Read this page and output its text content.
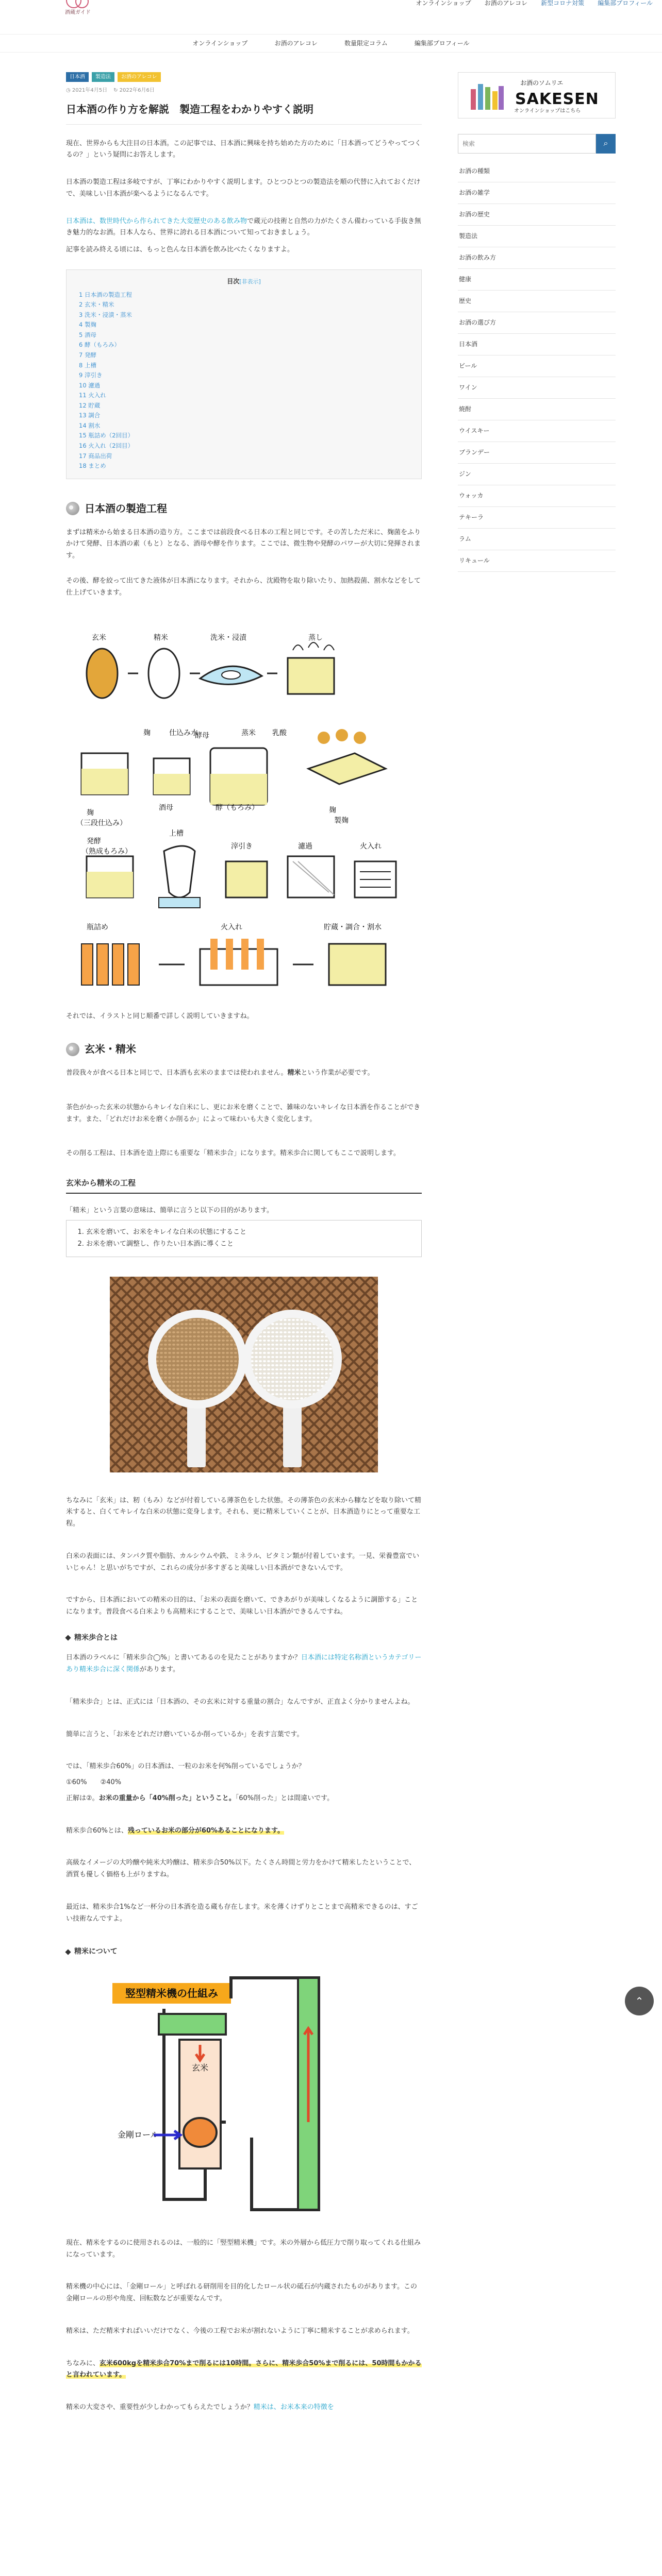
酒蔵ガイド
オンラインショップ お酒のアレコレ 新型コロナ対策 編集部プロフィール
オンラインショップ	お酒のアレコレ	数量限定コラム	編集部プロフィール
日本酒	製造法	お酒のアレコレ
◷ 2021年4月5日 ↻ 2022年6月6日
日本酒の作り方を解説　製造工程をわかりやすく説明

現在、世界からも大注目の日本酒。この記事では、日本酒に興味を持ち始めた方のために「日本酒ってどうやってつくるの？」という疑問にお答えします。

日本酒の製造工程は多岐ですが、丁寧にわかりやすく説明します。ひとつひとつの製造法を順の代替に入れておくだけで、美味しい日本酒が楽へるようになるんです。

日本酒は、数世時代から作られてきた大変歴史のある飲み物で蔵元の技術と自然の力がたくさん備わっている手抜き無き魅力的なお酒。日本人なら、世界に誇れる日本酒について知っておきましょう。

記事を読み終える頃には、もっと色んな日本酒を飲み比べたくなりますよ。

目次[非表示]
1 日本酒の製造工程
2 玄米・精米
3 洗米・浸漬・蒸米
4 製麹
5 酒母
6 酵（もろみ）
7 発酵
8 上槽
9 滓引き
10 濾過
11 火入れ
12 貯蔵
13 調合
14 割水
15 瓶詰め（2回目）
16 火入れ（2回目）
17 商品出荷
18 まとめ
日本酒の製造工程

まずは精米から始まる日本酒の造り方。ここまでは前段食べる日本の工程と同じです。その苦しただ米に、麹菌をふりかけて発酵、日本酒の素（もと）となる、酒母や酵を作ります。ここでは、微生物や発酵のパワーが大切に発揮されます。

その後、酵を絞って出てきた液体が日本酒になります。それから、沈殿物を取り除いたり、加熱殺菌、割水などをして仕上げていきます。

玄米	精米	洗米・浸漬	蒸し
麹
（三段仕込み）
酒母	酵（もろみ）
酵母
仕込み水
麹	蒸米 乳酸
麹
製麹
発酵
（熟成もろみ）
上槽
滓引き	濾過	火入れ
瓶詰め	火入れ	貯蔵・調合・割水

それでは、イラストと同じ順番で詳しく説明していきますね。

玄米・精米

普段我々が食べる日本と同じで、日本酒も玄米のままでは使われません。精米という作業が必要です。

茶色がかった玄米の状態からキレイな白米にし、更にお米を磨くことで、雑味のないキレイな日本酒を作ることができます。また、「どれだけお米を磨くか削るか」によって味わいも大きく変化します。

その削る工程は、日本酒を造上際にも重要な「精米歩合」になります。精米歩合に関してもここで説明します。

玄米から精米の工程

「精米」という言葉の意味は、簡単に言うと以下の目的があります。

1. 玄米を磨いて、お米をキレイな白米の状態にすること
2. お米を磨いて調整し、作りたい日本酒に導くこと

ちなみに「玄米」は、籾（もみ）などが付着している薄茶色をした状態。その薄茶色の玄米から糠などを取り除いて精米すると、白くてキレイな白米の状態に変身します。それも、更に精米していくことが、日本酒造りにとって重要な工程。

白米の表面には、タンパク質や脂肪、カルシウムや鉄、ミネラル、ビタミン類が付着しています。一見、栄養豊富でいいじゃん！と思いがちですが、これらの成分が多すぎると美味しい日本酒ができないんです。

ですから、日本酒においての精米の目的は、「お米の表面を磨いて、できあがりが美味しくなるように調節する」ことになります。普段食べる白米よりも高精米にすることで、美味しい日本酒ができるんですね。

精米歩合とは

日本酒のラベルに「精米歩合◯%」と書いてあるのを見たことがありますか？日本酒には特定名称酒というカテゴリーあり精米歩合に深く関係があります。

「精米歩合」とは、正式には「日本酒の、その玄米に対する重量の割合」なんですが、正直よく分かりませんよね。

簡単に言うと、「お米をどれだけ磨いているか削っているか」を表す言葉です。

では、「精米歩合60%」の日本酒は、一粒のお米を何%削っているでしょうか？

①60%　　②40%

正解は②。お米の重量から「40%削った」ということ。「60%削った」とは間違いです。

精米歩合60%とは、残っているお米の部分が60%あることになります。

高級なイメージの大吟醸や純米大吟醸は、精米歩合50%以下。たくさん時間と労力をかけて精米したということで、酒質も優しく価格も上がりますね。

最近は、精米歩合1%など一杯分の日本酒を造る蔵も存在します。米を薄くけずりとことまで高精米できるのは、すごい技術なんですよ。

精米について
竪型精米機の仕組み
玄米
金剛ロール

現在、精米をするのに使用されるのは、一般的に「竪型精米機」です。米の外層から低圧力で削り取ってくれる仕組みになっています。

精米機の中心には、「金剛ロール」と呼ばれる研削用を目的化したロール状の砥石が内蔵されたものがあります。この金剛ロールの形や角度、回転数などが重要なんです。

精米は、ただ精米すればいいだけでなく、今後の工程でお米が割れないように丁寧に精米することが求められます。

ちなみに、玄米600kgを精米歩合70%まで削るには10時間。さらに、精米歩合50%まで削るには、50時間もかかると言われています。

精米の大変さや、重要性が少しわかってもらえたでしょうか？精米は、お米本来の特徴を

お酒のソムリエ
SAKESEN
オンラインショップはこちら
検索
⌕
お酒の種類
お酒の雑学
お酒の歴史
製造法
お酒の飲み方
健康
歴史
お酒の選び方
日本酒
ビール
ワイン
焼酎
ウイスキー
ブランデー
ジン
ウォッカ
テキーラ
ラム
リキュール
⌃
